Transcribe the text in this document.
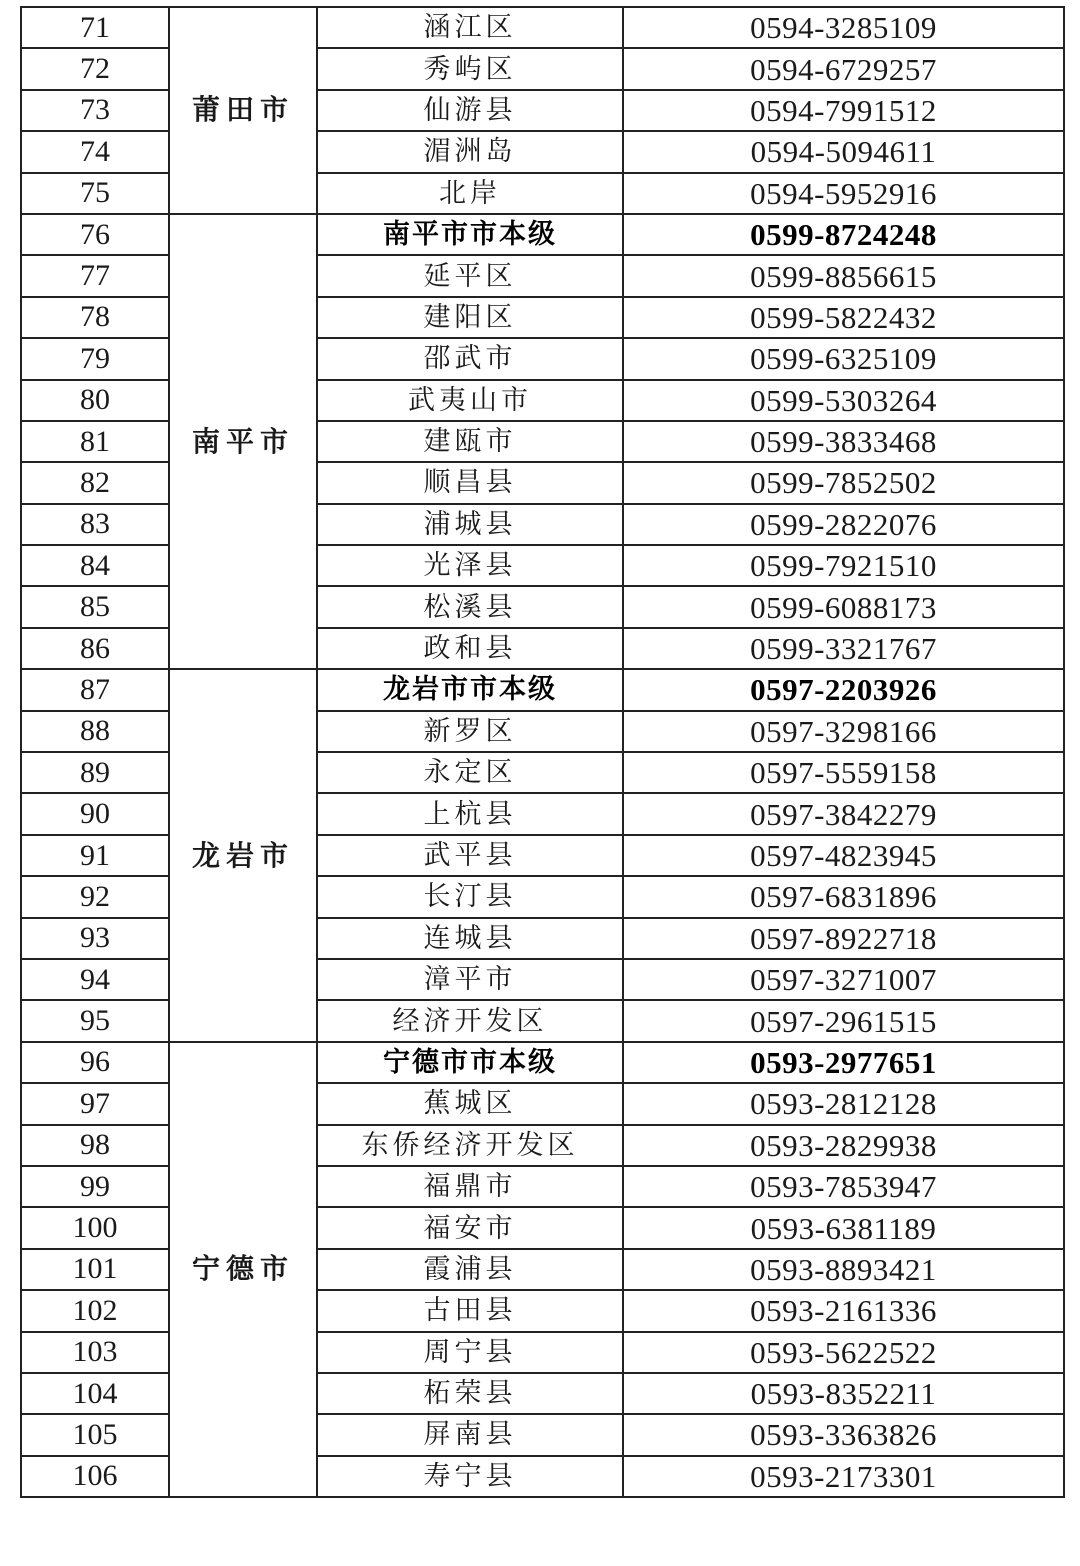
71	莆田市	涵江区	0594-3285109
72		秀屿区	0594-6729257
73		仙游县	0594-7991512
74		湄洲岛	0594-5094611
75		北岸	0594-5952916
76	南平市	南平市市本级	0599-8724248
77		延平区	0599-8856615
78		建阳区	0599-5822432
79		邵武市	0599-6325109
80		武夷山市	0599-5303264
81		建瓯市	0599-3833468
82		顺昌县	0599-7852502
83		浦城县	0599-2822076
84		光泽县	0599-7921510
85		松溪县	0599-6088173
86		政和县	0599-3321767
87	龙岩市	龙岩市市本级	0597-2203926
88		新罗区	0597-3298166
89		永定区	0597-5559158
90		上杭县	0597-3842279
91		武平县	0597-4823945
92		长汀县	0597-6831896
93		连城县	0597-8922718
94		漳平市	0597-3271007
95		经济开发区	0597-2961515
96	宁德市	宁德市市本级	0593-2977651
97		蕉城区	0593-2812128
98		东侨经济开发区	0593-2829938
99		福鼎市	0593-7853947
100		福安市	0593-6381189
101		霞浦县	0593-8893421
102		古田县	0593-2161336
103		周宁县	0593-5622522
104		柘荣县	0593-8352211
105		屏南县	0593-3363826
106		寿宁县	0593-2173301
